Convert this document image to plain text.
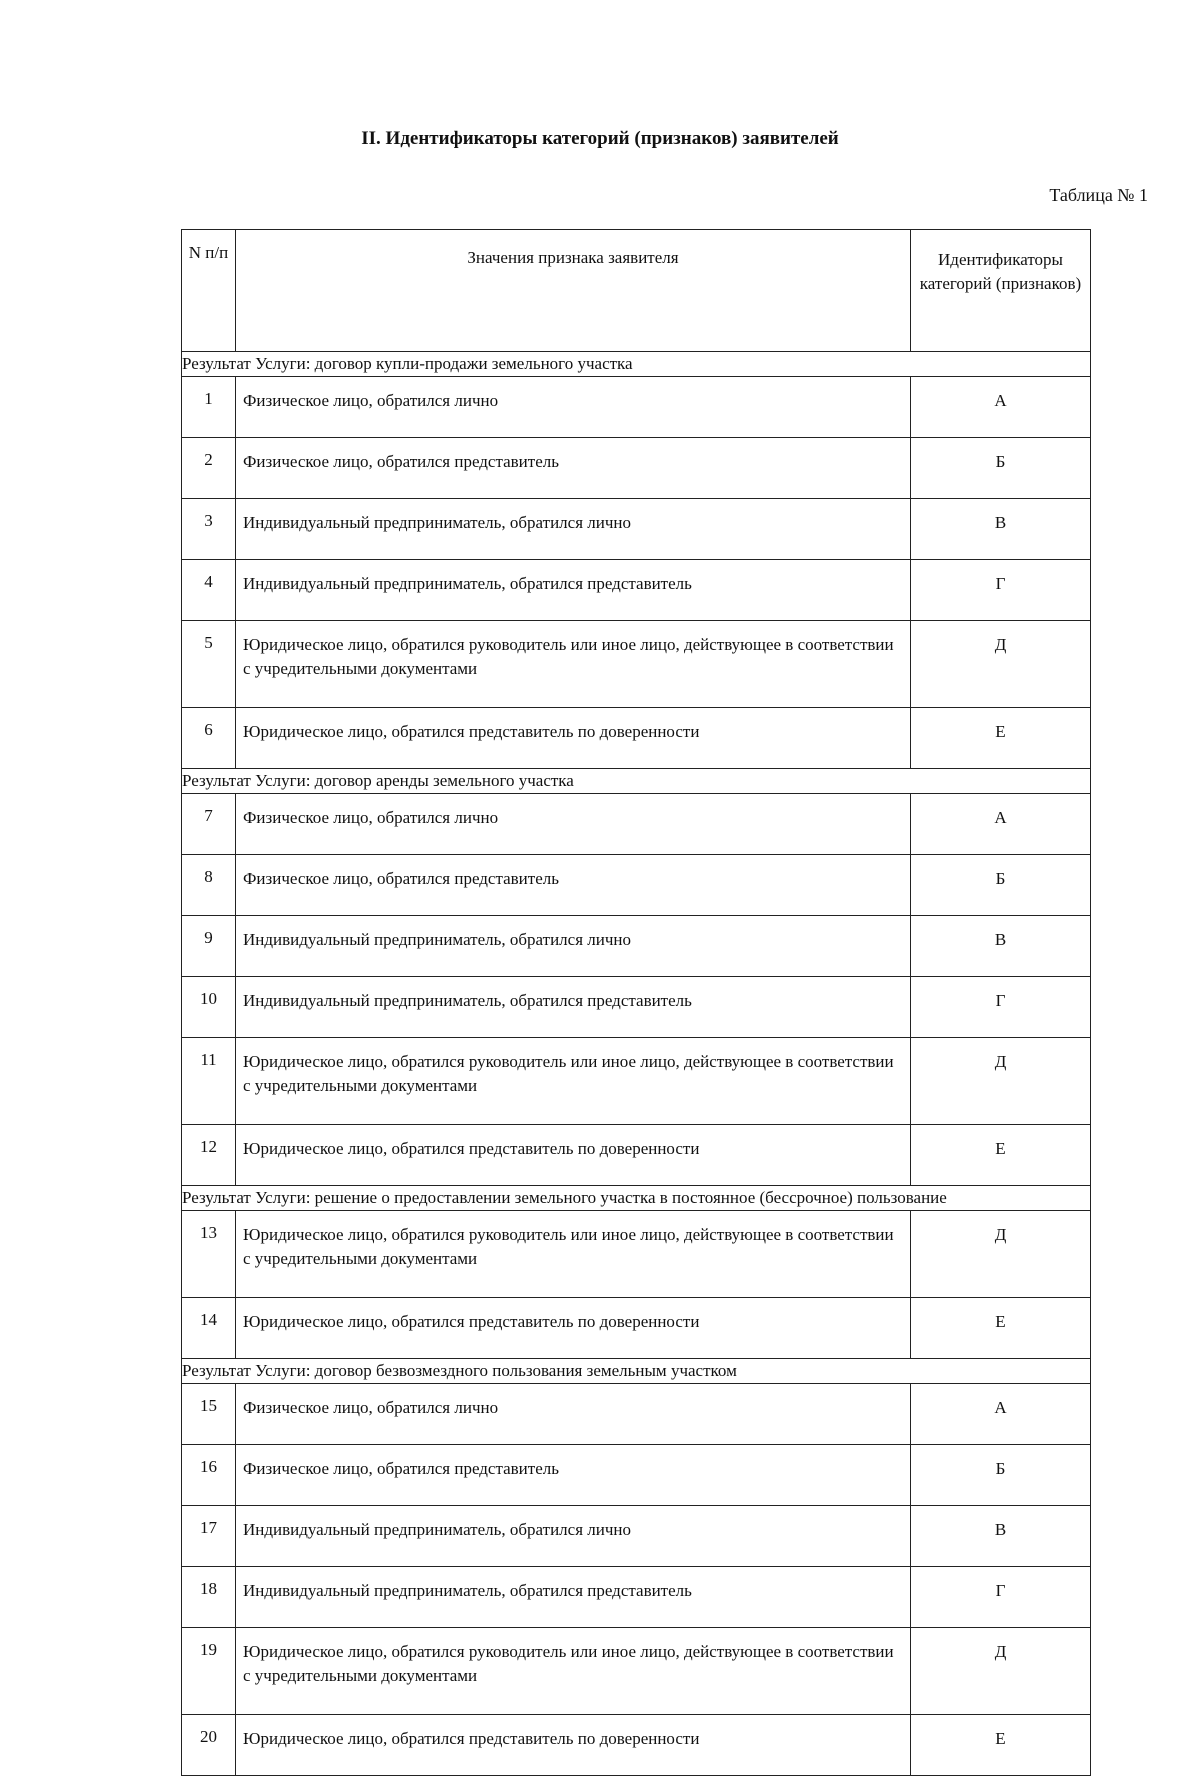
II. Идентификаторы категорий (признаков) заявителей
Таблица № 1
N п/п	Значения признака заявителя	Идентификаторы категорий (признаков)
Результат Услуги: договор купли-продажи земельного участка		
1	Физическое лицо, обратился лично	А
2	Физическое лицо, обратился представитель	Б
3	Индивидуальный предприниматель, обратился лично	В
4	Индивидуальный предприниматель, обратился представитель	Г
5	Юридическое лицо, обратился руководитель или иное лицо, действующее в соответствии с учредительными документами	Д
6	Юридическое лицо, обратился представитель по доверенности	Е
Результат Услуги: договор аренды земельного участка		
7	Физическое лицо, обратился лично	А
8	Физическое лицо, обратился представитель	Б
9	Индивидуальный предприниматель, обратился лично	В
10	Индивидуальный предприниматель, обратился представитель	Г
11	Юридическое лицо, обратился руководитель или иное лицо, действующее в соответствии с учредительными документами	Д
12	Юридическое лицо, обратился представитель по доверенности	Е
Результат Услуги: решение о предоставлении земельного участка в постоянное (бессрочное) пользование		
13	Юридическое лицо, обратился руководитель или иное лицо, действующее в соответствии с учредительными документами	Д
14	Юридическое лицо, обратился представитель по доверенности	Е
Результат Услуги: договор безвозмездного пользования земельным участком		
15	Физическое лицо, обратился лично	А
16	Физическое лицо, обратился представитель	Б
17	Индивидуальный предприниматель, обратился лично	В
18	Индивидуальный предприниматель, обратился представитель	Г
19	Юридическое лицо, обратился руководитель или иное лицо, действующее в соответствии с учредительными документами	Д
20	Юридическое лицо, обратился представитель по доверенности	Е
